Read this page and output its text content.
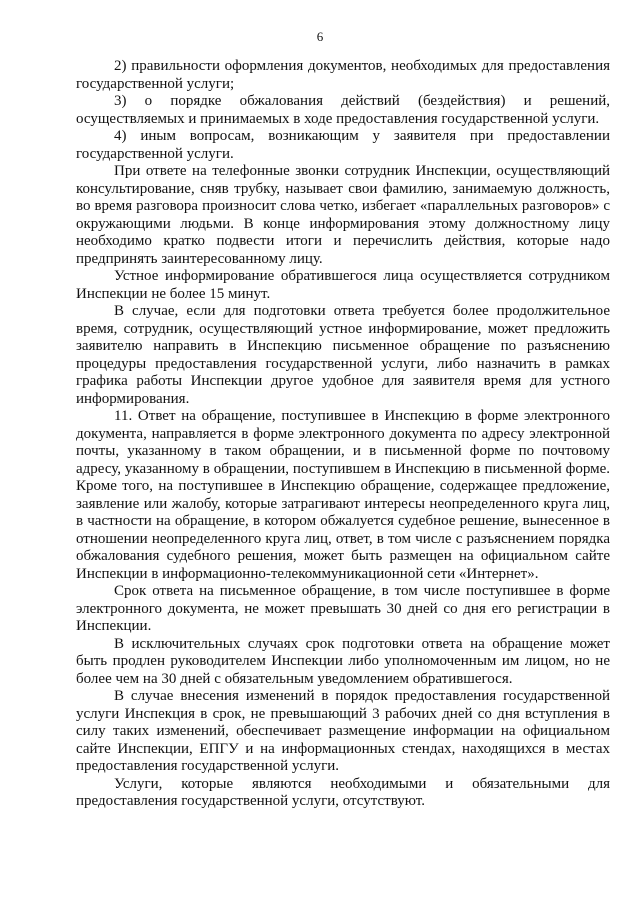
6

2) правильности оформления документов, необходимых для предоставления государственной услуги;

3) о порядке обжалования действий (бездействия) и решений, осуществляемых и принимаемых в ходе предоставления государственной услуги.

4) иным вопросам, возникающим у заявителя при предоставлении государственной услуги.

При ответе на телефонные звонки сотрудник Инспекции, осуществляющий консультирование, сняв трубку, называет свои фамилию, занимаемую должность, во время разговора произносит слова четко, избегает «параллельных разговоров» с окружающими людьми. В конце информирования этому должностному лицу необходимо кратко подвести итоги и перечислить действия, которые надо предпринять заинтересованному лицу.

Устное информирование обратившегося лица осуществляется сотрудником Инспекции не более 15 минут.

В случае, если для подготовки ответа требуется более продолжительное время, сотрудник, осуществляющий устное информирование, может предложить заявителю направить в Инспекцию письменное обращение по разъяснению процедуры предоставления государственной услуги, либо назначить в рамках графика работы Инспекции другое удобное для заявителя время для устного информирования.

11. Ответ на обращение, поступившее в Инспекцию в форме электронного документа, направляется в форме электронного документа по адресу электронной почты, указанному в таком обращении, и в письменной форме по почтовому адресу, указанному в обращении, поступившем в Инспекцию в письменной форме. Кроме того, на поступившее в Инспекцию обращение, содержащее предложение, заявление или жалобу, которые затрагивают интересы неопределенного круга лиц, в частности на обращение, в котором обжалуется судебное решение, вынесенное в отношении неопределенного круга лиц, ответ, в том числе с разъяснением порядка обжалования судебного решения, может быть размещен на официальном сайте Инспекции в информационно-телекоммуникационной сети «Интернет».

Срок ответа на письменное обращение, в том числе поступившее в форме электронного документа, не может превышать 30 дней со дня его регистрации в Инспекции.

В исключительных случаях срок подготовки ответа на обращение может быть продлен руководителем Инспекции либо уполномоченным им лицом, но не более чем на 30 дней с обязательным уведомлением обратившегося.

В случае внесения изменений в порядок предоставления государственной услуги Инспекция в срок, не превышающий 3 рабочих дней со дня вступления в силу таких изменений, обеспечивает размещение информации на официальном сайте Инспекции, ЕПГУ и на информационных стендах, находящихся в местах предоставления государственной услуги.

Услуги, которые являются необходимыми и обязательными для предоставления государственной услуги, отсутствуют.
